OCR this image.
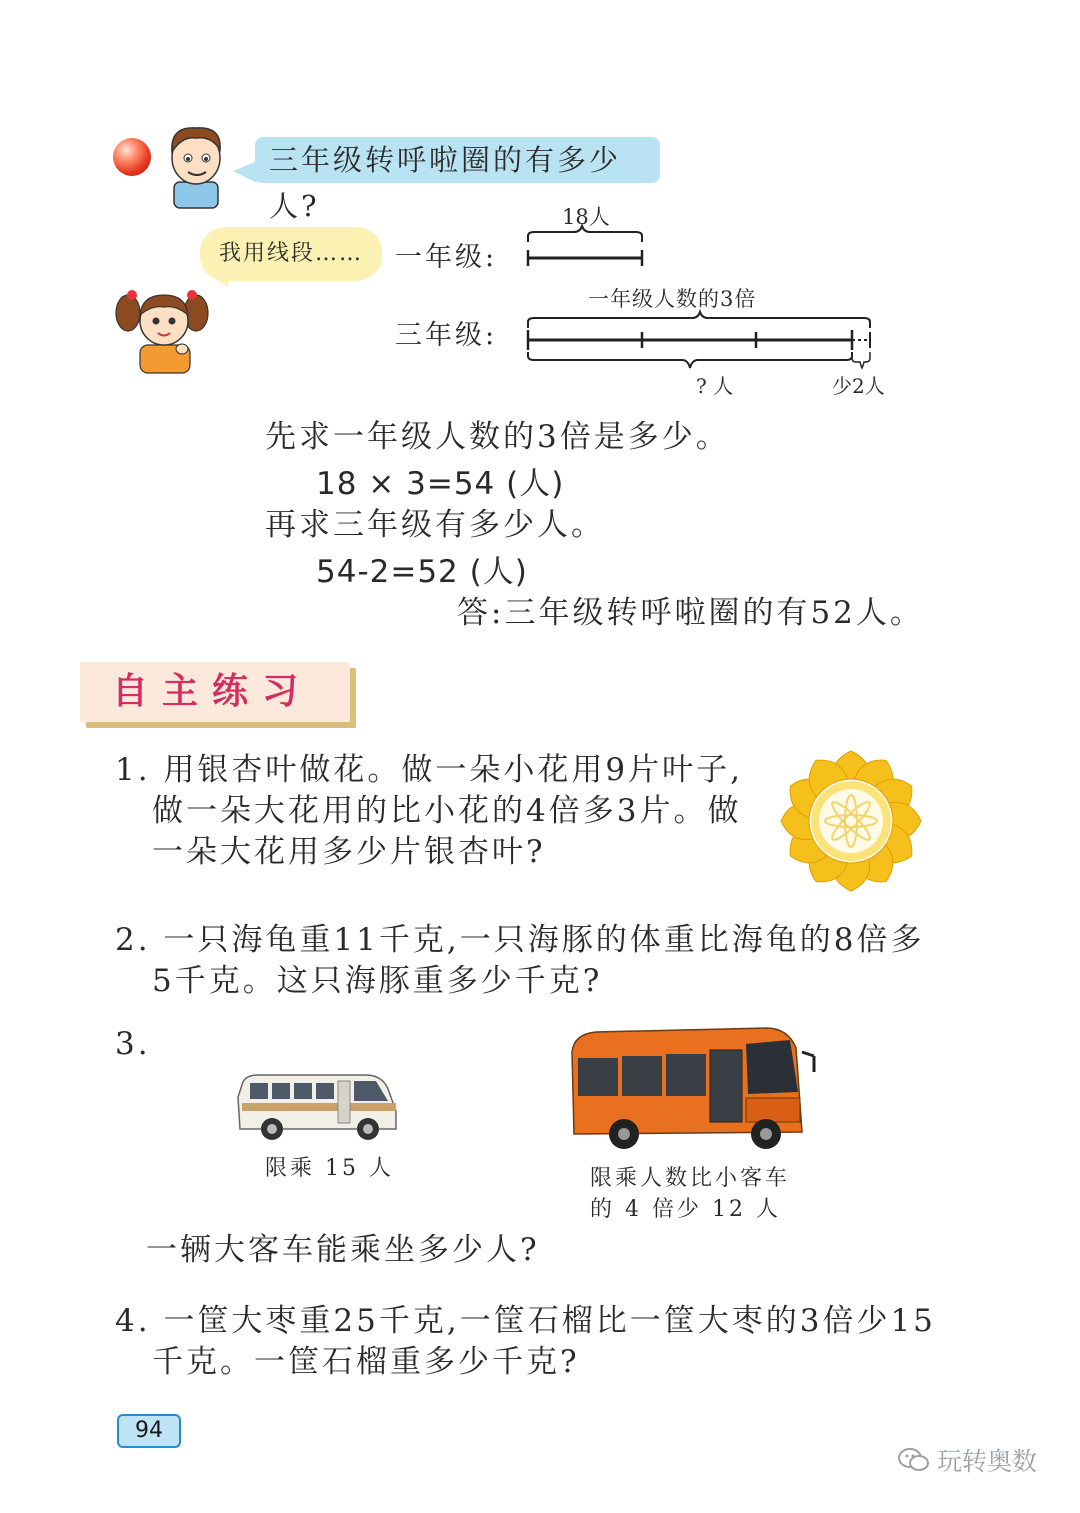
三年级转呼啦圈的有多少人?
我用线段……	一年级:
三年级:
18人
一年级人数的3倍
? 人	少2人
先求一年级人数的3倍是多少。
18 × 3=54 (人)
再求三年级有多少人。
54-2=52 (人)
答:三年级转呼啦圈的有52人。
自主练习
1. 用银杏叶做花。做一朵小花用9片叶子,
做一朵大花用的比小花的4倍多3片。做
一朵大花用多少片银杏叶?
2. 一只海龟重11千克,一只海豚的体重比海龟的8倍多
5千克。这只海豚重多少千克?
3.
限乘 15 人	限乘人数比小客车
的 4 倍少 12 人
一辆大客车能乘坐多少人?
4. 一筐大枣重25千克,一筐石榴比一筐大枣的3倍少15
千克。一筐石榴重多少千克?
94
玩转奥数
